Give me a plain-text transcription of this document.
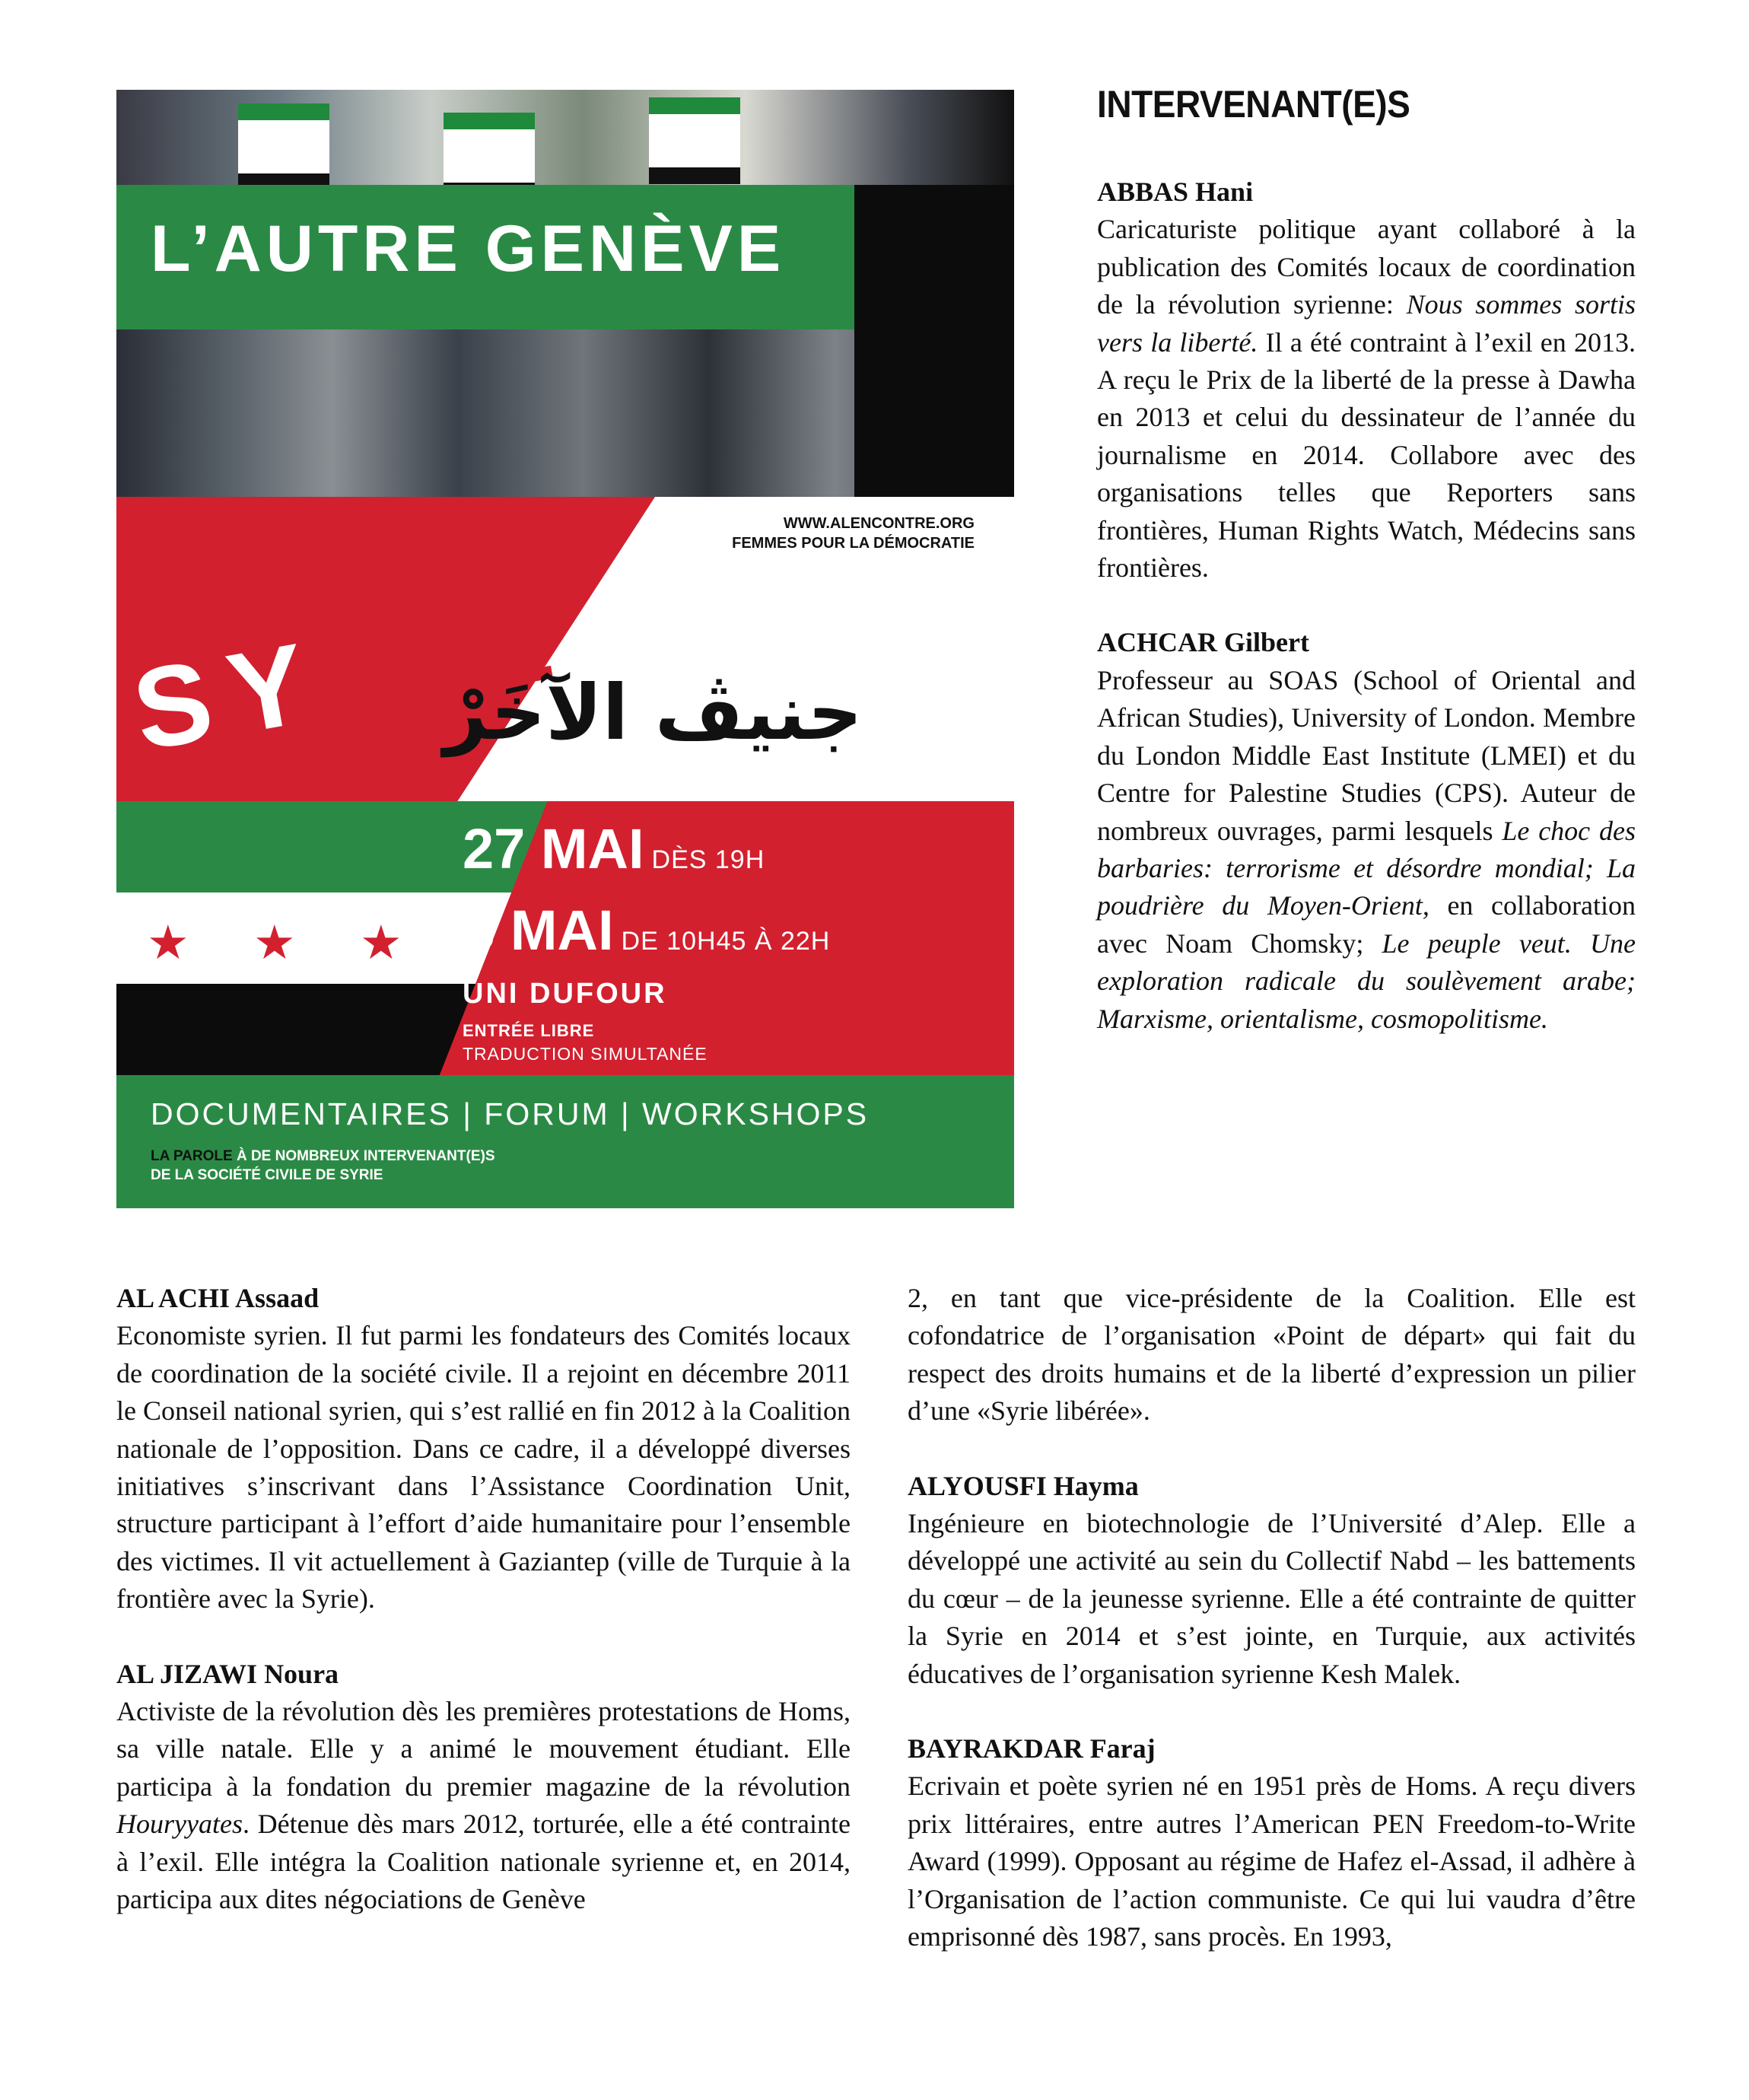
L’AUTRE GENÈVE
WWW.ALENCONTRE.ORG
FEMMES POUR LA DÉMOCRATIE
SYRIE
جنيڤ الآخَرْ
★ ★ ★
27 MAI DÈS 19H
28 MAI DE 10H45 À 22H
UNI DUFOUR
ENTRÉE LIBRE
TRADUCTION SIMULTANÉE
DOCUMENTAIRES | FORUM | WORKSHOPS
LA PAROLE À DE NOMBREUX INTERVENANT(E)S
DE LA SOCIÉTÉ CIVILE DE SYRIE
INTERVENANT(E)S
ABBAS Hani

Caricaturiste politique ayant collaboré à la publication des Comités locaux de coordination de la révolution syrienne: Nous sommes sortis vers la liberté. Il a été contraint à l’exil en 2013. A reçu le Prix de la liberté de la presse à Dawha en 2013 et celui du dessinateur de l’année du journalisme en 2014. Collabore avec des organisations telles que Reporters sans frontières, Human Rights Watch, Médecins sans frontières.

ACHCAR Gilbert

Professeur au SOAS (School of Oriental and African Studies), University of London. Membre du London Middle East Institute (LMEI) et du Centre for Palestine Studies (CPS). Auteur de nombreux ouvrages, parmi lesquels Le choc des barbaries: terrorisme et désordre mondial; La poudrière du Moyen-Orient, en collaboration avec Noam Chomsky; Le peuple veut. Une exploration radicale du soulèvement arabe; Marxisme, orientalisme, cosmopolitisme.

AL ACHI Assaad

Economiste syrien. Il fut parmi les fondateurs des Comités locaux de coordination de la société civile. Il a rejoint en décembre 2011 le Conseil national syrien, qui s’est rallié en fin 2012 à la Coalition nationale de l’opposition. Dans ce cadre, il a développé diverses initiatives s’inscrivant dans l’Assistance Coordination Unit, structure participant à l’effort d’aide humanitaire pour l’ensemble des victimes. Il vit actuellement à Gaziantep (ville de Turquie à la frontière avec la Syrie).

AL JIZAWI Noura

Activiste de la révolution dès les premières protestations de Homs, sa ville natale. Elle y a animé le mouvement étudiant. Elle participa à la fondation du premier magazine de la révolution Houryyates. Détenue dès mars 2012, torturée, elle a été contrainte à l’exil. Elle intégra la Coalition nationale syrienne et, en 2014, participa aux dites négociations de Genève

2, en tant que vice-présidente de la Coalition. Elle est cofondatrice de l’organisation «Point de départ» qui fait du respect des droits humains et de la liberté d’expression un pilier d’une «Syrie libérée».

ALYOUSFI Hayma

Ingénieure en biotechnologie de l’Université d’Alep. Elle a développé une activité au sein du Collectif Nabd – les battements du cœur – de la jeunesse syrienne. Elle a été contrainte de quitter la Syrie en 2014 et s’est jointe, en Turquie, aux activités éducatives de l’organisation syrienne Kesh Malek.

BAYRAKDAR Faraj

Ecrivain et poète syrien né en 1951 près de Homs. A reçu divers prix littéraires, entre autres l’American PEN Freedom-to-Write Award (1999). Opposant au régime de Hafez el-Assad, il adhère à l’Organisation de l’action communiste. Ce qui lui vaudra d’être emprisonné dès 1987, sans procès. En 1993,
